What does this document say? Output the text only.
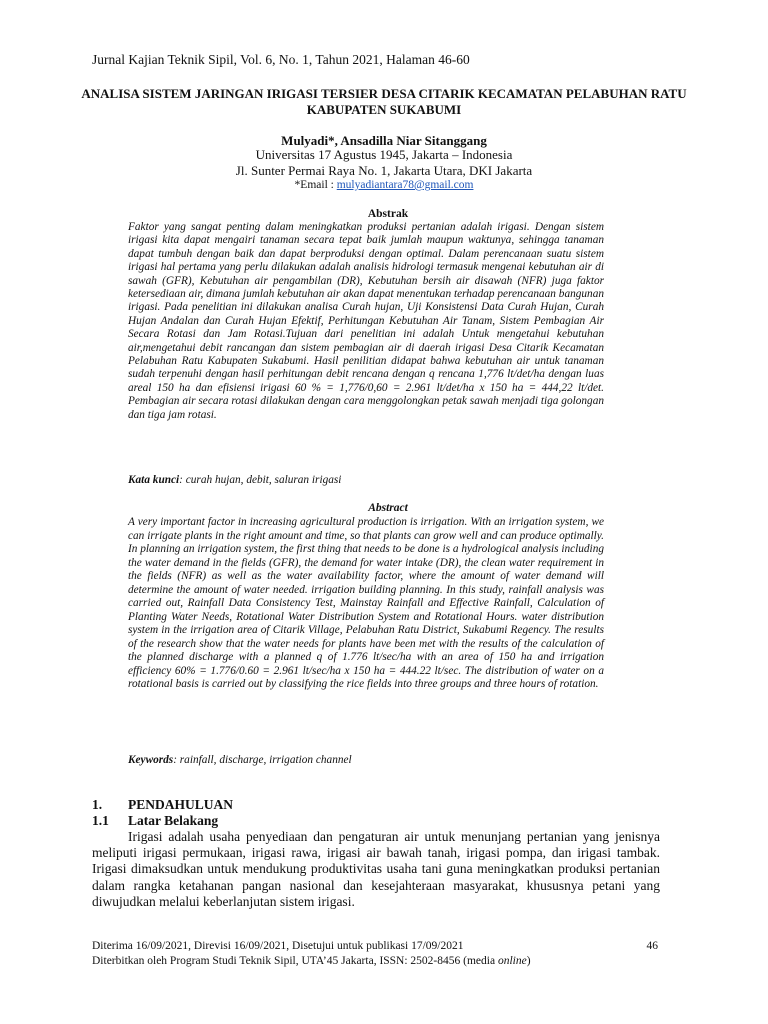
Jurnal Kajian Teknik Sipil, Vol. 6, No. 1, Tahun 2021, Halaman 46-60
ANALISA SISTEM JARINGAN IRIGASI TERSIER DESA CITARIK KECAMATAN PELABUHAN RATU KABUPATEN SUKABUMI
Mulyadi*, Ansadilla Niar Sitanggang
Universitas 17 Agustus 1945, Jakarta – Indonesia
Jl. Sunter Permai Raya No. 1, Jakarta Utara, DKI Jakarta
*Email : mulyadiantara78@gmail.com
Abstrak
Faktor yang sangat penting dalam meningkatkan produksi pertanian adalah irigasi. Dengan sistem irigasi kita dapat mengairi tanaman secara tepat baik jumlah maupun waktunya, sehingga tanaman dapat tumbuh dengan baik dan dapat berproduksi dengan optimal. Dalam perencanaan suatu sistem irigasi hal pertama yang perlu dilakukan adalah analisis hidrologi termasuk mengenai kebutuhan air di sawah (GFR), Kebutuhan air pengambilan (DR), Kebutuhan bersih air disawah (NFR) juga faktor ketersediaan air, dimana jumlah kebutuhan air akan dapat menentukan terhadap perencanaan bangunan irigasi. Pada penelitian ini dilakukan analisa Curah hujan, Uji Konsistensi Data Curah Hujan, Curah Hujan Andalan dan Curah Hujan Efektif, Perhitungan Kebutuhan Air Tanam, Sistem Pembagian Air Secara Rotasi dan Jam Rotasi.Tujuan dari penelitian ini adalah Untuk mengetahui kebutuhan air,mengetahui debit rancangan dan sistem pembagian air di daerah irigasi Desa Citarik Kecamatan Pelabuhan Ratu Kabupaten Sukabumi. Hasil penilitian didapat bahwa kebutuhan air untuk tanaman sudah terpenuhi dengan hasil perhitungan debit rencana dengan q rencana 1,776 lt/det/ha dengan luas areal 150 ha dan efisiensi irigasi 60 % = 1,776/0,60 = 2.961 lt/det/ha x 150 ha = 444,22 lt/det. Pembagian air secara rotasi dilakukan dengan cara menggolongkan petak sawah menjadi tiga golongan dan tiga jam rotasi.
Kata kunci: curah hujan, debit, saluran irigasi
Abstract
A very important factor in increasing agricultural production is irrigation. With an irrigation system, we can irrigate plants in the right amount and time, so that plants can grow well and can produce optimally. In planning an irrigation system, the first thing that needs to be done is a hydrological analysis including the water demand in the fields (GFR), the demand for water intake (DR), the clean water requirement in the fields (NFR) as well as the water availability factor, where the amount of water demand will determine the amount of water needed. irrigation building planning. In this study, rainfall analysis was carried out, Rainfall Data Consistency Test, Mainstay Rainfall and Effective Rainfall, Calculation of Planting Water Needs, Rotational Water Distribution System and Rotational Hours. water distribution system in the irrigation area of Citarik Village, Pelabuhan Ratu District, Sukabumi Regency. The results of the research show that the water needs for plants have been met with the results of the calculation of the planned discharge with a planned q of 1.776 lt/sec/ha with an area of 150 ha and irrigation efficiency 60% = 1.776/0.60 = 2.961 lt/sec/ha x 150 ha = 444.22 lt/sec. The distribution of water on a rotational basis is carried out by classifying the rice fields into three groups and three hours of rotation.
Keywords: rainfall, discharge, irrigation channel
1. PENDAHULUAN
1.1 Latar Belakang
Irigasi adalah usaha penyediaan dan pengaturan air untuk menunjang pertanian yang jenisnya meliputi irigasi permukaan, irigasi rawa, irigasi air bawah tanah, irigasi pompa, dan irigasi tambak. Irigasi dimaksudkan untuk mendukung produktivitas usaha tani guna meningkatkan produksi pertanian dalam rangka ketahanan pangan nasional dan kesejahteraan masyarakat, khususnya petani yang diwujudkan melalui keberlanjutan sistem irigasi.
Diterima 16/09/2021, Direvisi 16/09/2021, Disetujui untuk publikasi 17/09/2021
Diterbitkan oleh Program Studi Teknik Sipil, UTA’45 Jakarta, ISSN: 2502-8456 (media online)
46
